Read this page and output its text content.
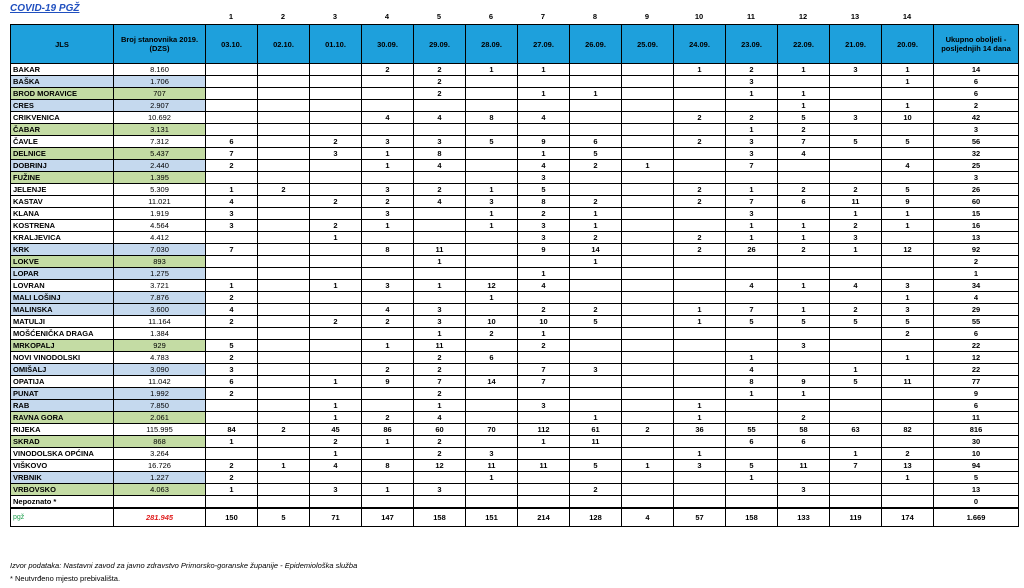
COVID-19 PGŽ
1	2	3	4	5	6	7	8	9	10	11	12	13	14
JLS	Broj stanovnika 2019. (DZS)	03.10.	02.10.	01.10.	30.09.	29.09.	28.09.	27.09.	26.09.	25.09.	24.09.	23.09.	22.09.	21.09.	20.09.	Ukupno oboljeli - posljednjih 14 dana
BAKAR	8.160				2	2	1	1			1	2	1	3	1	14
BAŠKA	1.706					2						3			1	6
BROD MORAVICE	707					2		1	1			1	1			6
CRES	2.907												1		1	2
CRIKVENICA	10.692				4	4	8	4			2	2	5	3	10	42
ČABAR	3.131											1	2			3
ČAVLE	7.312	6		2	3	3	5	9	6		2	3	7	5	5	56
DELNICE	5.437	7		3	1	8		1	5			3	4			32
DOBRINJ	2.440	2			1	4		4	2	1		7			4	25
FUŽINE	1.395							3								3
JELENJE	5.309	1	2		3	2	1	5			2	1	2	2	5	26
KASTAV	11.021	4		2	2	4	3	8	2		2	7	6	11	9	60
KLANA	1.919	3			3		1	2	1			3		1	1	15
KOSTRENA	4.564	3		2	1		1	3	1			1	1	2	1	16
KRALJEVICA	4.412			1				3	2		2	1	1	3		13
KRK	7.030	7			8	11		9	14		2	26	2	1	12	92
LOKVE	893					1			1							2
LOPAR	1.275							1								1
LOVRAN	3.721	1		1	3	1	12	4				4	1	4	3	34
MALI LOŠINJ	7.876	2					1								1	4
MALINSKA	3.600	4			4	3		2	2		1	7	1	2	3	29
MATULJI	11.164	2		2	2	3	10	10	5		1	5	5	5	5	55
MOŠĆENIČKA DRAGA	1.384					1	2	1							2	6
MRKOPALJ	929	5			1	11		2					3			22
NOVI VINODOLSKI	4.783	2				2	6					1			1	12
OMIŠALJ	3.090	3			2	2		7	3			4		1		22
OPATIJA	11.042	6		1	9	7	14	7				8	9	5	11	77
PUNAT	1.992	2				2						1	1			9
RAB	7.850			1		1		3			1					6
RAVNA GORA	2.061			1	2	4			1		1		2			11
RIJEKA	115.995	84	2	45	86	60	70	112	61	2	36	55	58	63	82	816
SKRAD	868	1		2	1	2		1	11			6	6			30
VINODOLSKA OPĆINA	3.264			1		2	3				1			1	2	10
VIŠKOVO	16.726	2	1	4	8	12	11	11	5	1	3	5	11	7	13	94
VRBNIK	1.227	2					1					1			1	5
VRBOVSKO	4.063	1		3	1	3			2				3			13
Nepoznato *																0
pgž	281.945	150	5	71	147	158	151	214	128	4	57	158	133	119	174	1.669
Izvor podataka: Nastavni zavod za javno zdravstvo Primorsko-goranske županije - Epidemiološka služba
* Neutvrđeno mjesto prebivališta.
